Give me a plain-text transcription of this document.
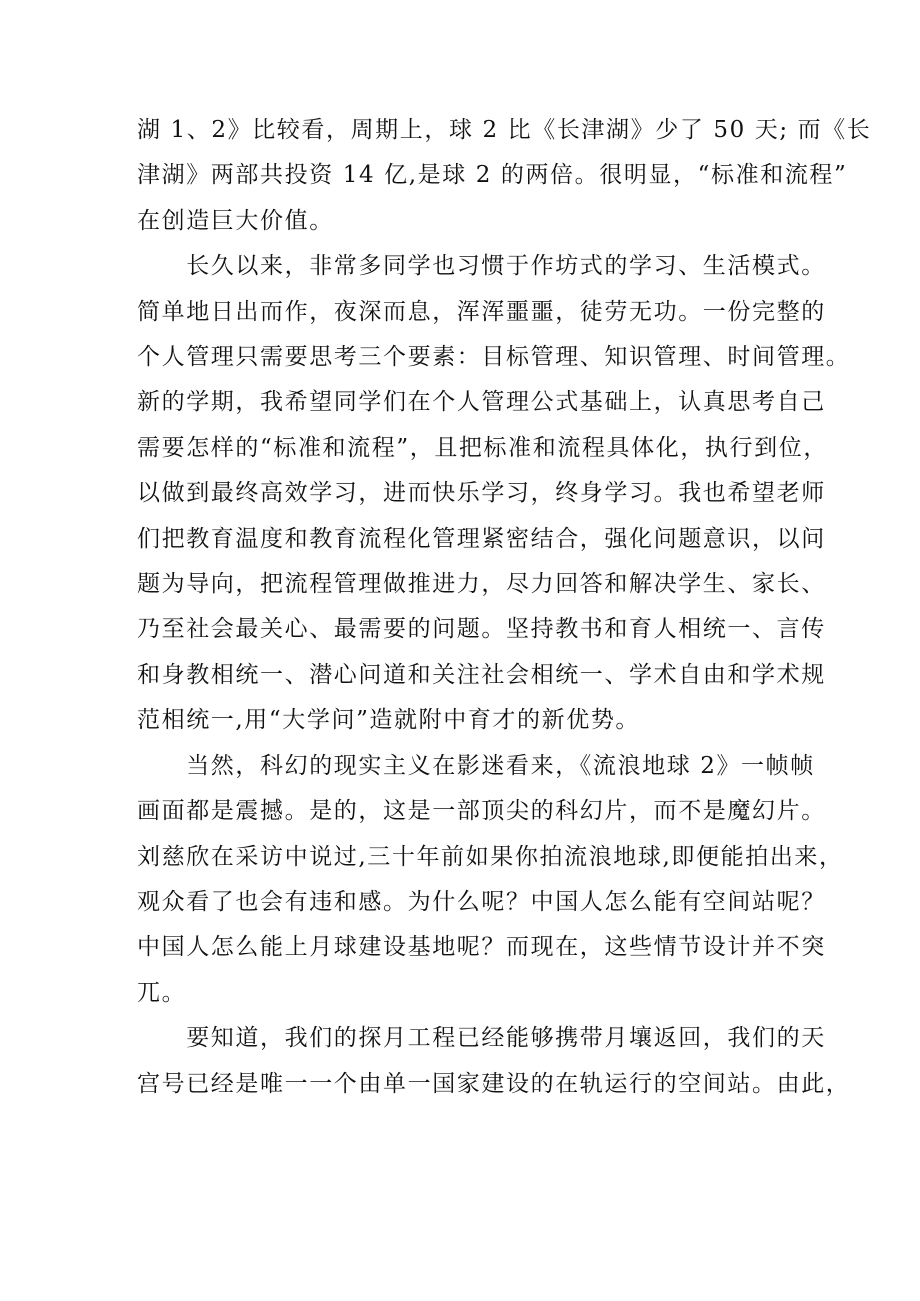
湖 1、2》比较看，周期上，球 2 比《长津湖》少了 50 天; 而《长
津湖》两部共投资 14 亿,是球 2 的两倍。很明显，“标准和流程”
在创造巨大价值。

　　长久以来，非常多同学也习惯于作坊式的学习、生活模式。
简单地日出而作，夜深而息，浑浑噩噩，徒劳无功。一份完整的
个人管理只需要思考三个要素：目标管理、知识管理、时间管理。
新的学期，我希望同学们在个人管理公式基础上，认真思考自己
需要怎样的“标准和流程”，且把标准和流程具体化，执行到位，
以做到最终高效学习，进而快乐学习，终身学习。我也希望老师
们把教育温度和教育流程化管理紧密结合，强化问题意识，以问
题为导向，把流程管理做推进力，尽力回答和解决学生、家长、
乃至社会最关心、最需要的问题。坚持教书和育人相统一、言传
和身教相统一、潜心问道和关注社会相统一、学术自由和学术规
范相统一,用“大学问”造就附中育才的新优势。

　　当然，科幻的现实主义在影迷看来，《流浪地球 2》一帧帧
画面都是震撼。是的，这是一部顶尖的科幻片，而不是魔幻片。
刘慈欣在采访中说过,三十年前如果你拍流浪地球,即便能拍出来，
观众看了也会有违和感。为什么呢？中国人怎么能有空间站呢？
中国人怎么能上月球建设基地呢？而现在，这些情节设计并不突
兀。

　　要知道，我们的探月工程已经能够携带月壤返回，我们的天
宫号已经是唯一一个由单一国家建设的在轨运行的空间站。由此，
